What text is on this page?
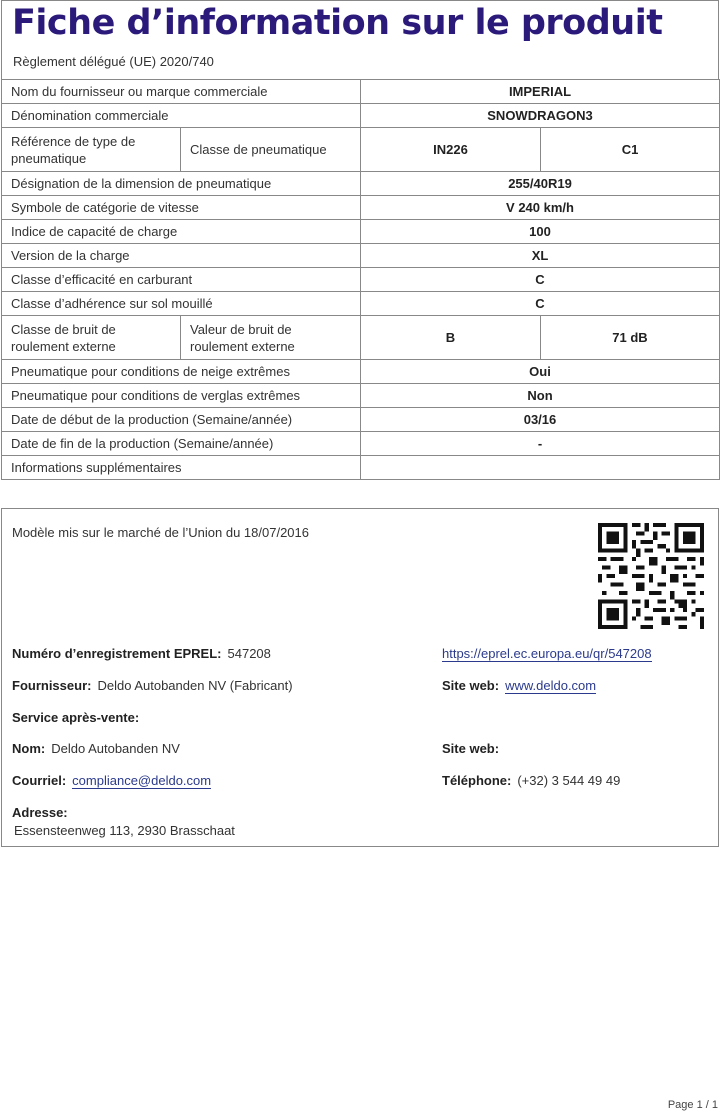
Fiche d’information sur le produit
Règlement délégué (UE) 2020/740
Nom du fournisseur ou marque commerciale		IMPERIAL	
Dénomination commerciale		SNOWDRAGON3	
Référence de type de pneumatique	Classe de pneumatique	IN226	C1
Désignation de la dimension de pneumatique		255/40R19	
Symbole de catégorie de vitesse		V 240 km/h	
Indice de capacité de charge		100	
Version de la charge		XL	
Classe d’efficacité en carburant		C	
Classe d’adhérence sur sol mouillé		C	
Classe de bruit de roulement externe	Valeur de bruit de roulement externe	B	71 dB
Pneumatique pour conditions de neige extrêmes		Oui	
Pneumatique pour conditions de verglas extrêmes		Non	
Date de début de la production (Semaine/année)		03/16	
Date de fin de la production (Semaine/année)		-	
Informations supplémentaires			
Modèle mis sur le marché de l’Union du 18/07/2016
Numéro d’enregistrement EPREL: 547208	https://eprel.ec.europa.eu/qr/547208
Fournisseur: Deldo Autobanden NV (Fabricant)	Site web: www.deldo.com
Service après-vente:
Nom: Deldo Autobanden NV	Site web:
Courriel: compliance@deldo.com	Téléphone: (+32) 3 544 49 49
Adresse:
Essensteenweg 113, 2930 Brasschaat
Page 1 / 1
